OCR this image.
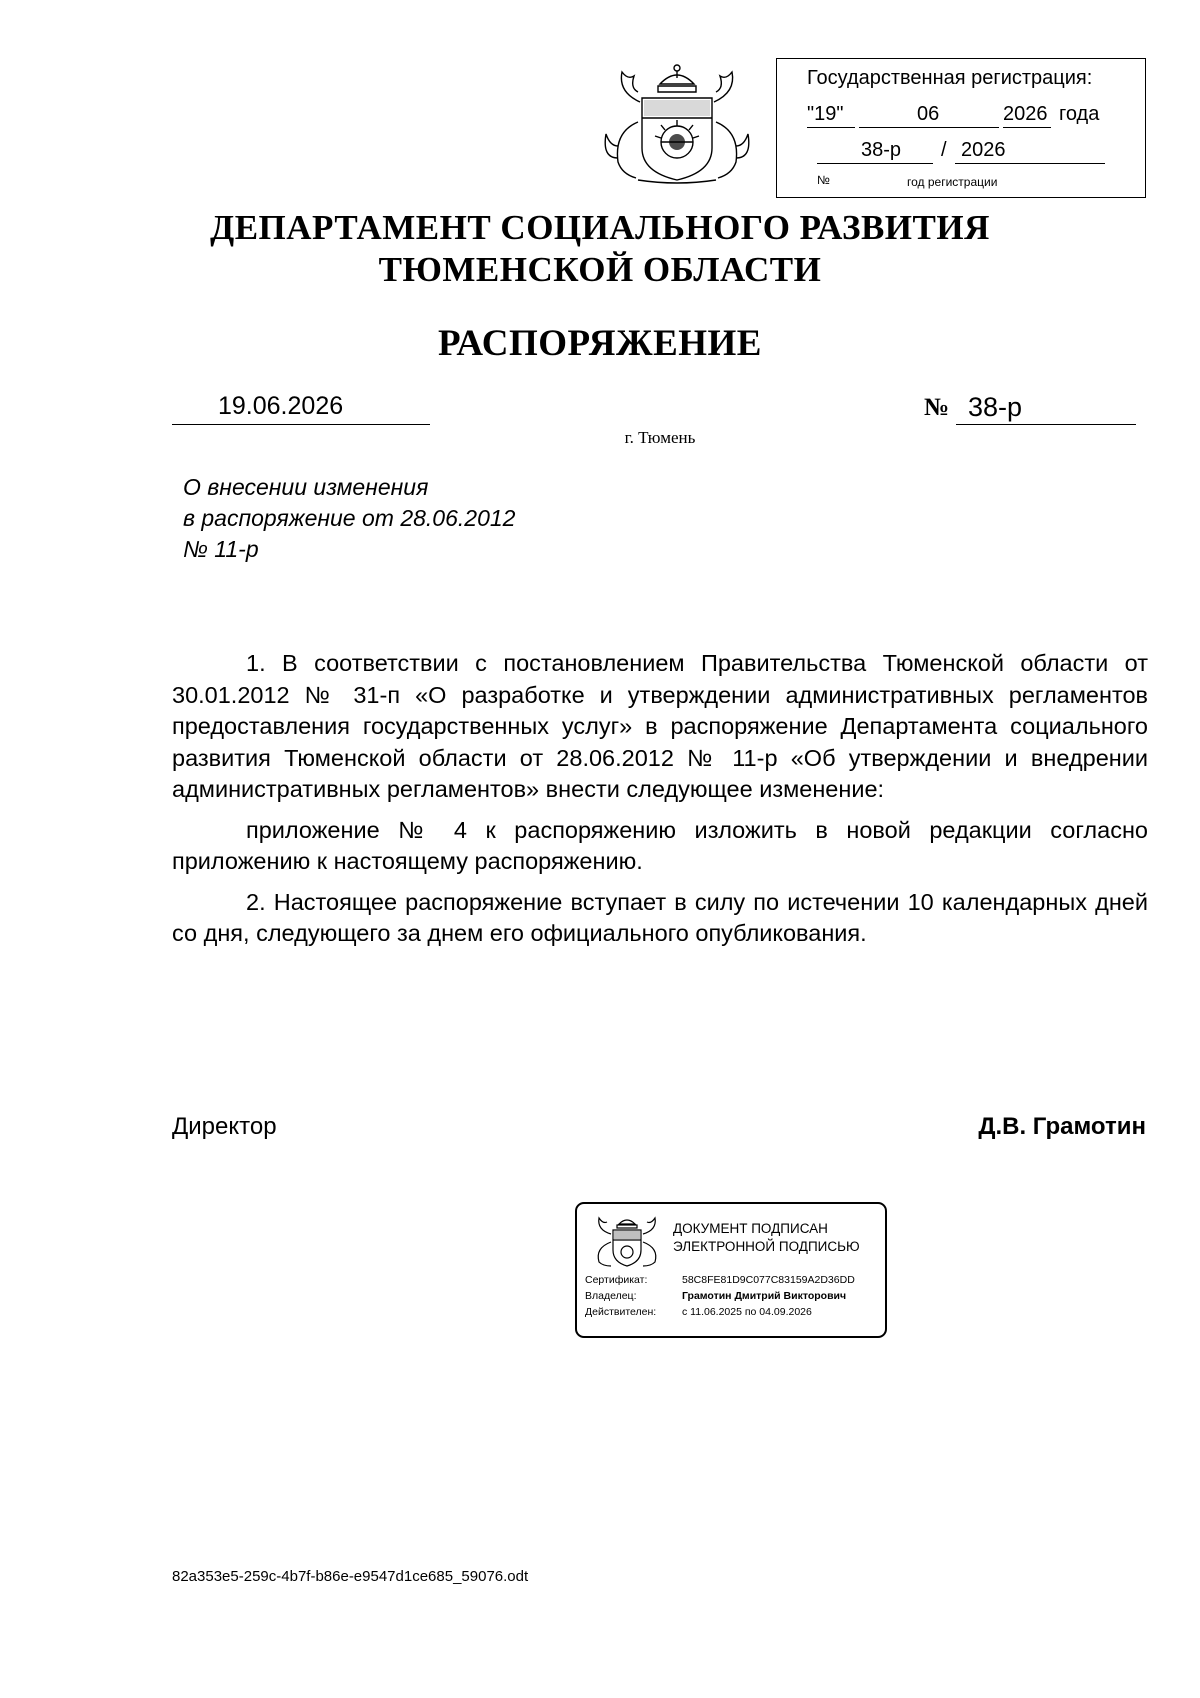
Государственная регистрация:
"19"	06	2026 года
38-р / 2026
№	год регистрации
ДЕПАРТАМЕНТ СОЦИАЛЬНОГО РАЗВИТИЯ
ТЮМЕНСКОЙ ОБЛАСТИ
РАСПОРЯЖЕНИЕ
19.06.2026	№ 38-р
г. Тюмень
О внесении изменения
в распоряжение от 28.06.2012
№ 11-р

1. В соответствии с постановлением Правительства Тюменской области от 30.01.2012 № 31-п «О разработке и утверждении административных регламентов предоставления государственных услуг» в распоряжение Департамента социального развития Тюменской области от 28.06.2012 № 11-р «Об утверждении и внедрении административных регламентов» внести следующее изменение:

приложение № 4 к распоряжению изложить в новой редакции согласно приложению к настоящему распоряжению.

2. Настоящее распоряжение вступает в силу по истечении 10 календарных дней со дня, следующего за днем его официального опубликования.

Директор	Д.В. Грамотин
ДОКУМЕНТ ПОДПИСАН
ЭЛЕКТРОННОЙ ПОДПИСЬЮ
Сертификат:	58C8FE81D9C077C83159A2D36DD
Владелец:	Грамотин Дмитрий Викторович
Действителен: с 11.06.2025 по 04.09.2026
82a353e5-259c-4b7f-b86e-e9547d1ce685_59076.odt
